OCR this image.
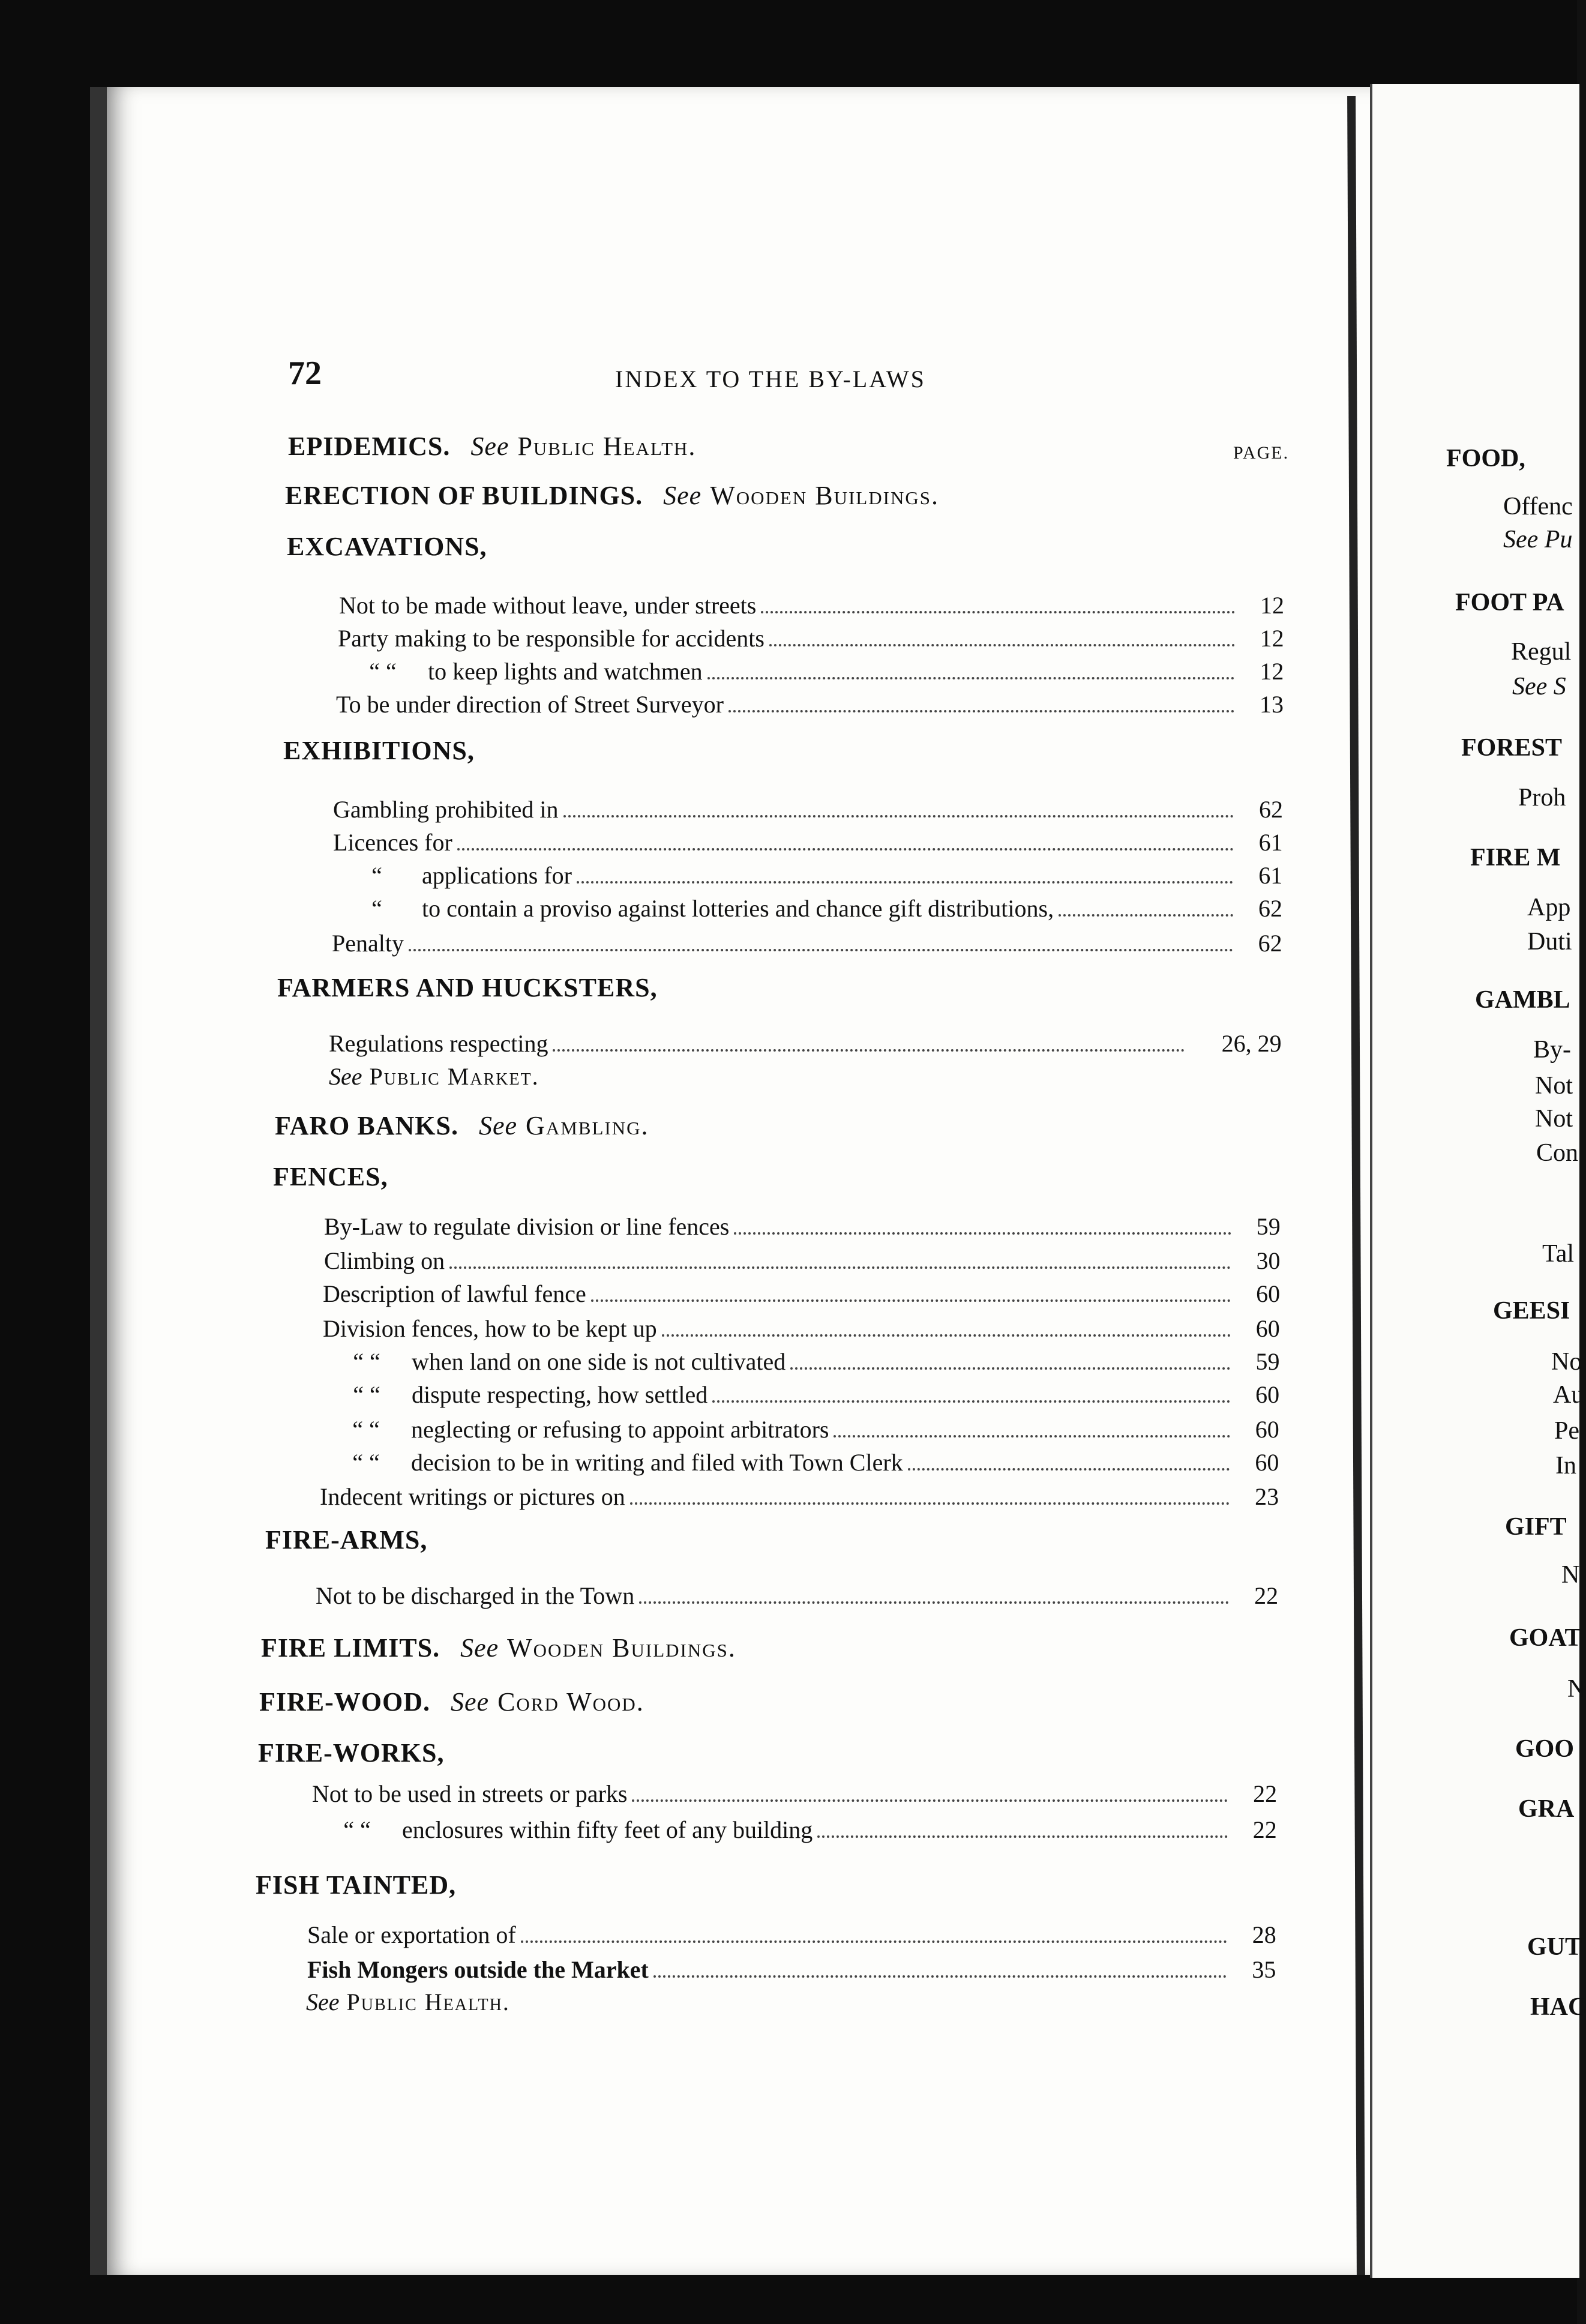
72	INDEX TO THE BY-LAWS
PAGE.
EPIDEMICS. See Public Health.
ERECTION OF BUILDINGS. See Wooden Buildings.
EXCAVATIONS,
Not to be made without leave, under streets	12
Party making to be responsible for accidents	12
“ “	to keep lights and watchmen	12
To be under direction of Street Surveyor	13
EXHIBITIONS,
Gambling prohibited in	62
Licences for	61
“	applications for	61
“	to contain a proviso against lotteries and chance gift distributions,	62
Penalty	62
FARMERS AND HUCKSTERS,
Regulations respecting	26, 29
See Public Market.
FARO BANKS. See Gambling.
FENCES,
By-Law to regulate division or line fences	59
Climbing on	30
Description of lawful fence	60
Division fences, how to be kept up	60
“ “	when land on one side is not cultivated	59
“ “	dispute respecting, how settled	60
“ “	neglecting or refusing to appoint arbitrators	60
“ “	decision to be in writing and filed with Town Clerk	60
Indecent writings or pictures on	23
FIRE-ARMS,
Not to be discharged in the Town	22
FIRE LIMITS. See Wooden Buildings.
FIRE-WOOD. See Cord Wood.
FIRE-WORKS,
Not to be used in streets or parks	22
“ “	enclosures within fifty feet of any building	22
FISH TAINTED,
Sale or exportation of	28
Fish Mongers outside the Market	35
See Public Health.
FOOD,
Offenc
See Pu
FOOT PA
Regul
See S
FOREST
Proh
FIRE M
App
Duti
GAMBL
By-
Not
Not
Con
Tal
GEESI
No
Au
Pe
In
GIFT
N
GOAT
N
GOO
GRA
GUT
HAC
